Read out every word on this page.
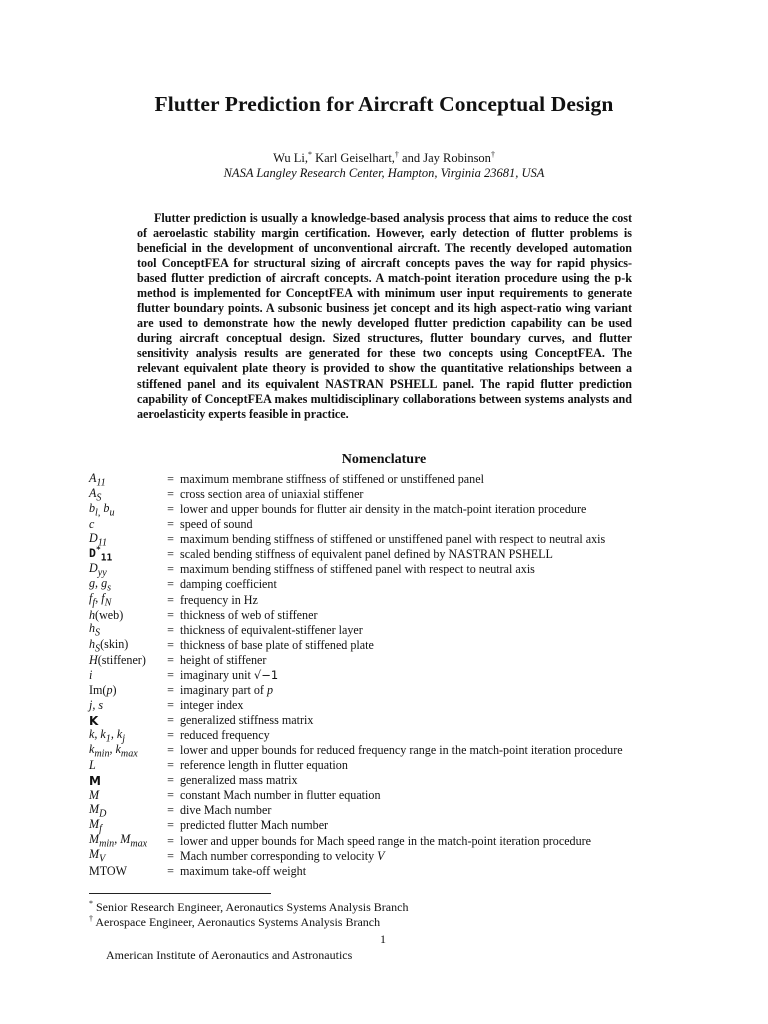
Flutter Prediction for Aircraft Conceptual Design
Wu Li,* Karl Geiselhart,† and Jay Robinson†
NASA Langley Research Center, Hampton, Virginia 23681, USA

Flutter prediction is usually a knowledge-based analysis process that aims to reduce the cost of aeroelastic stability margin certification. However, early detection of flutter problems is beneficial in the development of unconventional aircraft. The recently developed automation tool ConceptFEA for structural sizing of aircraft concepts paves the way for rapid physics-based flutter prediction of aircraft concepts. A match-point iteration procedure using the p-k method is implemented for ConceptFEA with minimum user input requirements to generate flutter boundary points. A subsonic business jet concept and its high aspect-ratio wing variant are used to demonstrate how the newly developed flutter prediction capability can be used during aircraft conceptual design. Sized structures, flutter boundary curves, and flutter sensitivity analysis results are generated for these two concepts using ConceptFEA. The relevant equivalent plate theory is provided to show the quantitative relationships between a stiffened panel and its equivalent NASTRAN PSHELL panel. The rapid flutter prediction capability of ConceptFEA makes multidisciplinary collaborations between systems analysts and aeroelasticity experts feasible in practice.

Nomenclature
$A_{11}$	= maximum membrane stiffness of stiffened or unstiffened panel
$A_S$	= cross section area of uniaxial stiffener
$b_{l,}$ $b_u$	= lower and upper bounds for flutter air density in the match-point iteration procedure
c	= speed of sound
$D_{11}$	= maximum bending stiffness of stiffened or unstiffened panel with respect to neutral axis
$D^*_{11}$	= scaled bending stiffness of equivalent panel defined by NASTRAN PSHELL
$D_{yy}$	= maximum bending stiffness of stiffened panel with respect to neutral axis
g, $g_s$	= damping coefficient
$f_f$, $f_N$	= frequency in Hz
h(web)	= thickness of web of stiffener
$h_S$	= thickness of equivalent-stiffener layer
$h_S(skin)$	= thickness of base plate of stiffened plate
H(stiffener)	= height of stiffener
i	= imaginary unit √−1
Im(p)	= imaginary part of p
j, s	= integer index
K	= generalized stiffness matrix
k, $k_1$, $k_j$	= reduced frequency
$k_{min}$, $k_{max}$	= lower and upper bounds for reduced frequency range in the match-point iteration procedure
L	= reference length in flutter equation
M	= generalized mass matrix
M	= constant Mach number in flutter equation
$M_D$	= dive Mach number
$M_f$	= predicted flutter Mach number
$M_{min}$, $M_{max}$	= lower and upper bounds for Mach speed range in the match-point iteration procedure
$M_V$	= Mach number corresponding to velocity V
MTOW	= maximum take-off weight
* Senior Research Engineer, Aeronautics Systems Analysis Branch
† Aerospace Engineer, Aeronautics Systems Analysis Branch
1
American Institute of Aeronautics and Astronautics
